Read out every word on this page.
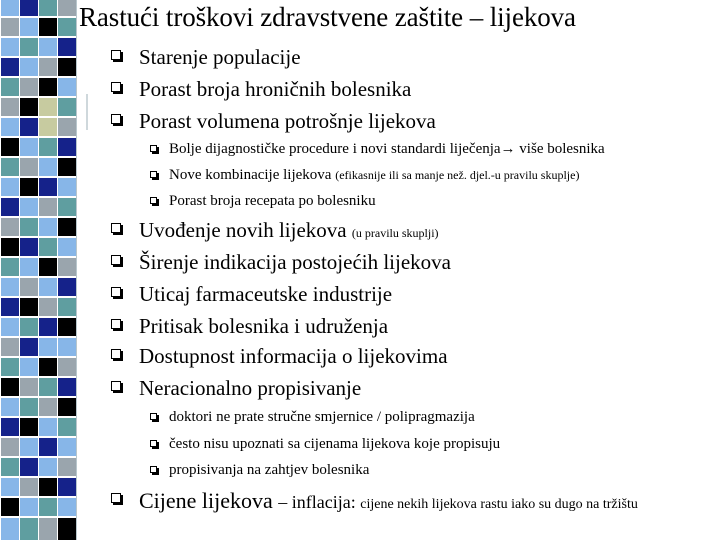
Rastući troškovi zdravstvene zaštite – lijekova
Starenje populacije
Porast broja hroničnih bolesnika
Porast volumena potrošnje lijekova
Bolje dijagnostičke procedure i novi standardi liječenja→ više bolesnika
Nove kombinacije lijekova (efikasnije ili sa manje než. djel.-u pravilu skuplje)
Porast broja recepata po bolesniku
Uvođenje novih lijekova (u pravilu skuplji)
Širenje indikacija postojećih lijekova
Uticaj farmaceutske industrije
Pritisak bolesnika i udruženja
Dostupnost informacija o lijekovima
Neracionalno propisivanje
doktori ne prate stručne smjernice / polipragmazija
često nisu upoznati sa cijenama lijekova koje propisuju
propisivanja na zahtjev bolesnika
Cijene lijekova – inflacija: cijene nekih lijekova rastu iako su dugo na tržištu
